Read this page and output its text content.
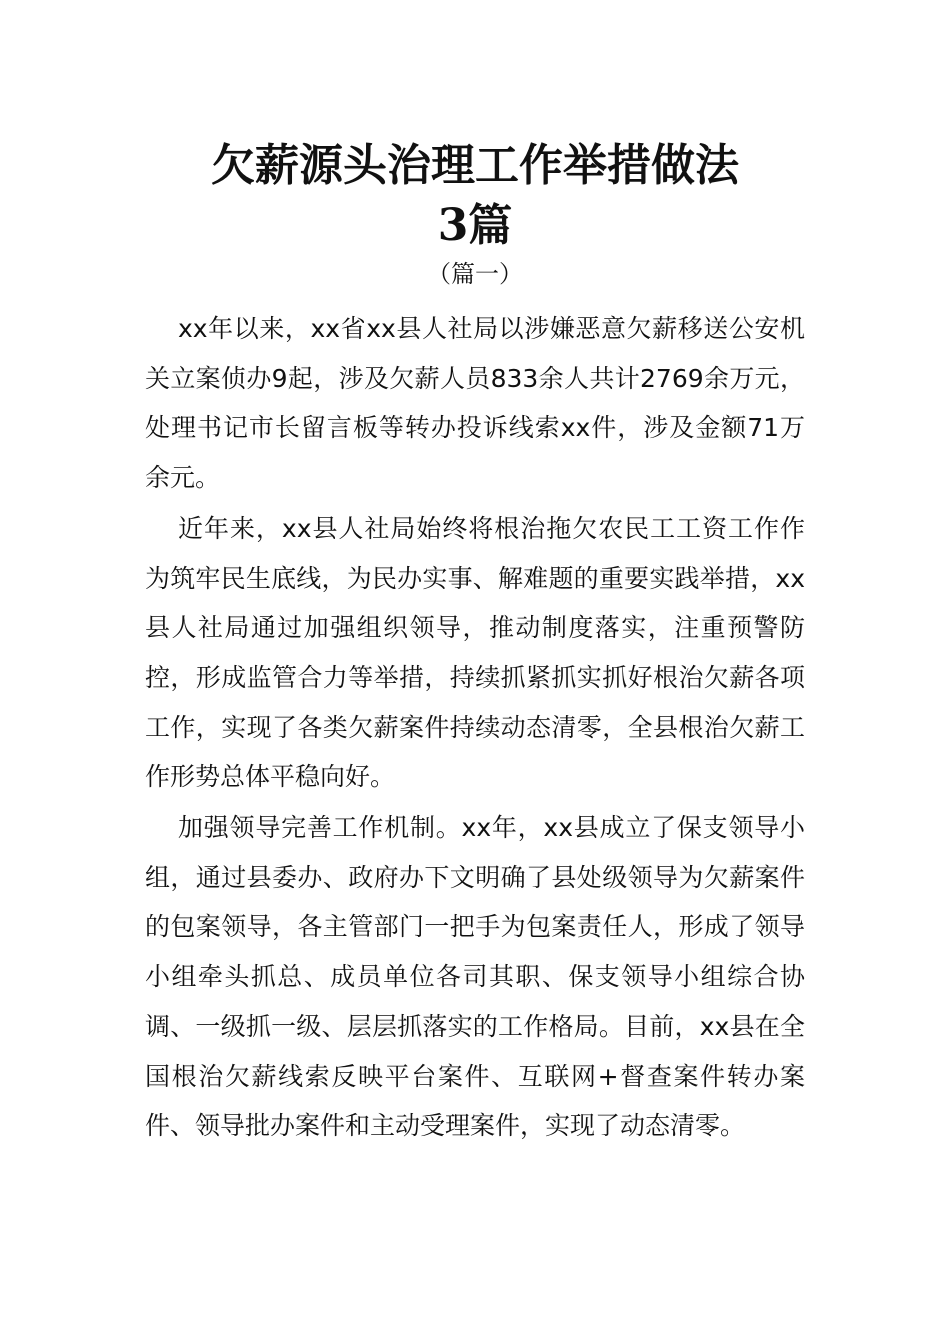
欠薪源头治理工作举措做法
3篇
（篇一）

xx年以来，xx省xx县人社局以涉嫌恶意欠薪移送公安机关立案侦办9起，涉及欠薪人员833余人共计2769余万元，处理书记市长留言板等转办投诉线索xx件，涉及金额71万余元。

近年来，xx县人社局始终将根治拖欠农民工工资工作作为筑牢民生底线，为民办实事、解难题的重要实践举措，xx县人社局通过加强组织领导，推动制度落实，注重预警防控，形成监管合力等举措，持续抓紧抓实抓好根治欠薪各项工作，实现了各类欠薪案件持续动态清零，全县根治欠薪工作形势总体平稳向好。

加强领导完善工作机制。xx年，xx县成立了保支领导小组，通过县委办、政府办下文明确了县处级领导为欠薪案件的包案领导，各主管部门一把手为包案责任人，形成了领导小组牵头抓总、成员单位各司其职、保支领导小组综合协调、一级抓一级、层层抓落实的工作格局。目前，xx县在全国根治欠薪线索反映平台案件、互联网+督查案件转办案件、领导批办案件和主动受理案件，实现了动态清零。
